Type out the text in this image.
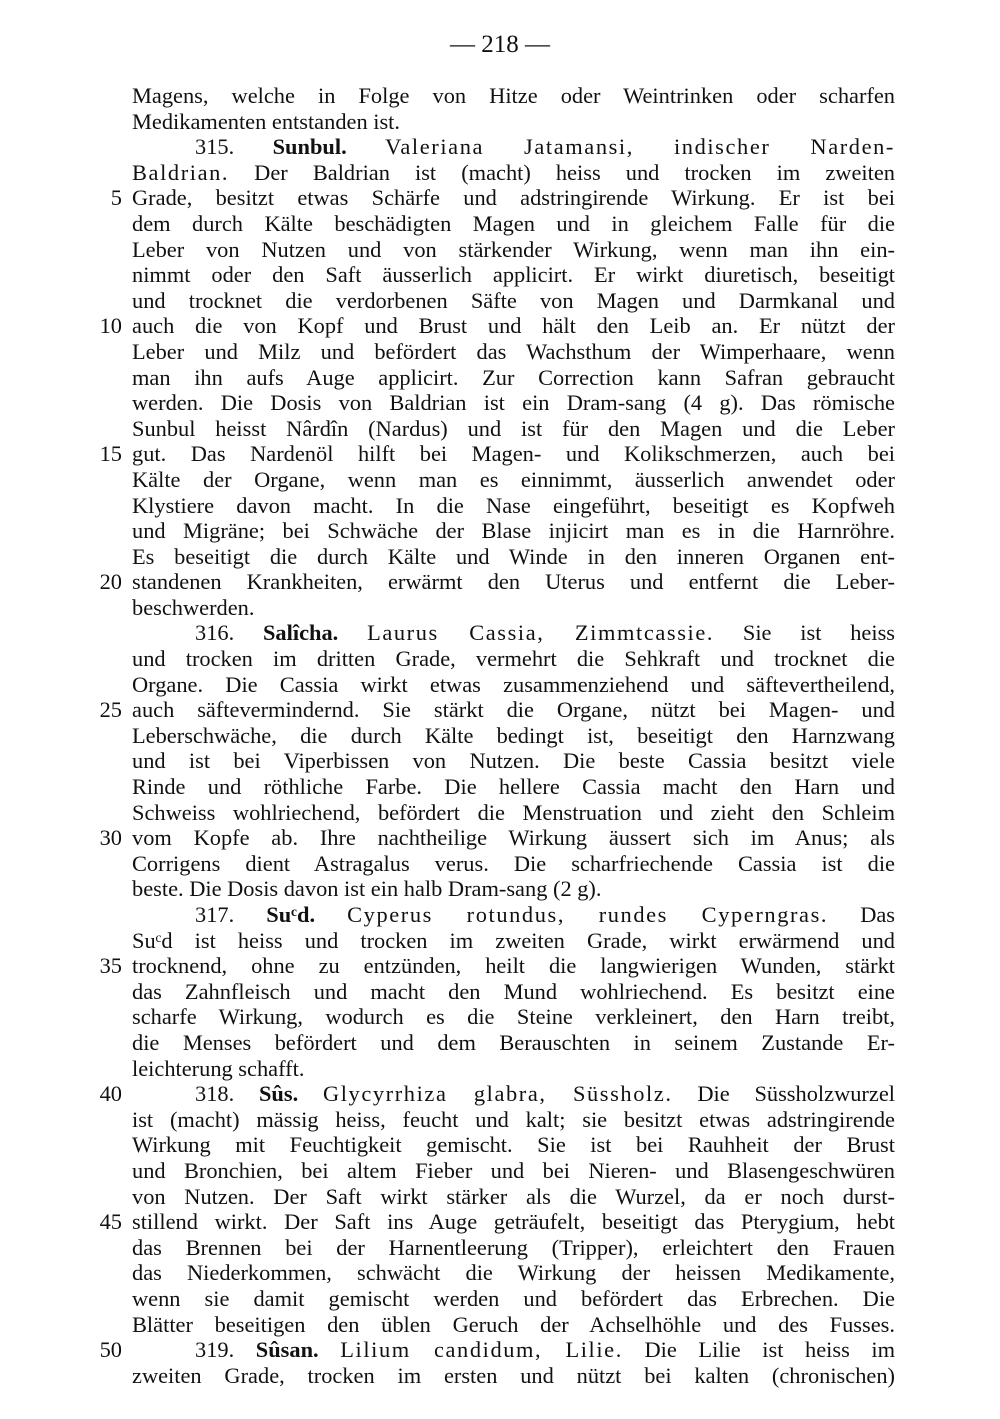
— 218 —
Magens, welche in Folge von Hitze oder Weintrinken oder scharfen
Medikamenten entstanden ist.
315. Sunbul. Valeriana Jatamansi, indischer Narden-
Baldrian. Der Baldrian ist (macht) heiss und trocken im zweiten
5 Grade, besitzt etwas Schärfe und adstringirende Wirkung. Er ist bei
dem durch Kälte beschädigten Magen und in gleichem Falle für die
Leber von Nutzen und von stärkender Wirkung, wenn man ihn ein-
nimmt oder den Saft äusserlich applicirt. Er wirkt diuretisch, beseitigt
und trocknet die verdorbenen Säfte von Magen und Darmkanal und
10 auch die von Kopf und Brust und hält den Leib an. Er nützt der
Leber und Milz und befördert das Wachsthum der Wimperhaare, wenn
man ihn aufs Auge applicirt. Zur Correction kann Safran gebraucht
werden. Die Dosis von Baldrian ist ein Dram-sang (4 g). Das römische
Sunbul heisst Nârdîn (Nardus) und ist für den Magen und die Leber
15 gut. Das Nardenöl hilft bei Magen- und Kolikschmerzen, auch bei
Kälte der Organe, wenn man es einnimmt, äusserlich anwendet oder
Klystiere davon macht. In die Nase eingeführt, beseitigt es Kopfweh
und Migräne; bei Schwäche der Blase injicirt man es in die Harnröhre.
Es beseitigt die durch Kälte und Winde in den inneren Organen ent-
20 standenen Krankheiten, erwärmt den Uterus und entfernt die Leber-
beschwerden.
316. Salîcha. Laurus Cassia, Zimmtcassie. Sie ist heiss
und trocken im dritten Grade, vermehrt die Sehkraft und trocknet die
Organe. Die Cassia wirkt etwas zusammenziehend und säftevertheilend,
25 auch säftevermindernd. Sie stärkt die Organe, nützt bei Magen- und
Leberschwäche, die durch Kälte bedingt ist, beseitigt den Harnzwang
und ist bei Viperbissen von Nutzen. Die beste Cassia besitzt viele
Rinde und röthliche Farbe. Die hellere Cassia macht den Harn und
Schweiss wohlriechend, befördert die Menstruation und zieht den Schleim
30 vom Kopfe ab. Ihre nachtheilige Wirkung äussert sich im Anus; als
Corrigens dient Astragalus verus. Die scharfriechende Cassia ist die
beste. Die Dosis davon ist ein halb Dram-sang (2 g).
317. Suᶜd. Cyperus rotundus, rundes Cyperngras. Das
Suᶜd ist heiss und trocken im zweiten Grade, wirkt erwärmend und
35 trocknend, ohne zu entzünden, heilt die langwierigen Wunden, stärkt
das Zahnfleisch und macht den Mund wohlriechend. Es besitzt eine
scharfe Wirkung, wodurch es die Steine verkleinert, den Harn treibt,
die Menses befördert und dem Berauschten in seinem Zustande Er-
leichterung schafft.
40	318. Sûs. Glycyrrhiza glabra, Süssholz. Die Süssholzwurzel
ist (macht) mässig heiss, feucht und kalt; sie besitzt etwas adstringirende
Wirkung mit Feuchtigkeit gemischt. Sie ist bei Rauhheit der Brust
und Bronchien, bei altem Fieber und bei Nieren- und Blasengeschwüren
von Nutzen. Der Saft wirkt stärker als die Wurzel, da er noch durst-
45 stillend wirkt. Der Saft ins Auge geträufelt, beseitigt das Pterygium, hebt
das Brennen bei der Harnentleerung (Tripper), erleichtert den Frauen
das Niederkommen, schwächt die Wirkung der heissen Medikamente,
wenn sie damit gemischt werden und befördert das Erbrechen. Die
Blätter beseitigen den üblen Geruch der Achselhöhle und des Fusses.
50	319. Sûsan. Lilium candidum, Lilie. Die Lilie ist heiss im
zweiten Grade, trocken im ersten und nützt bei kalten (chronischen)
